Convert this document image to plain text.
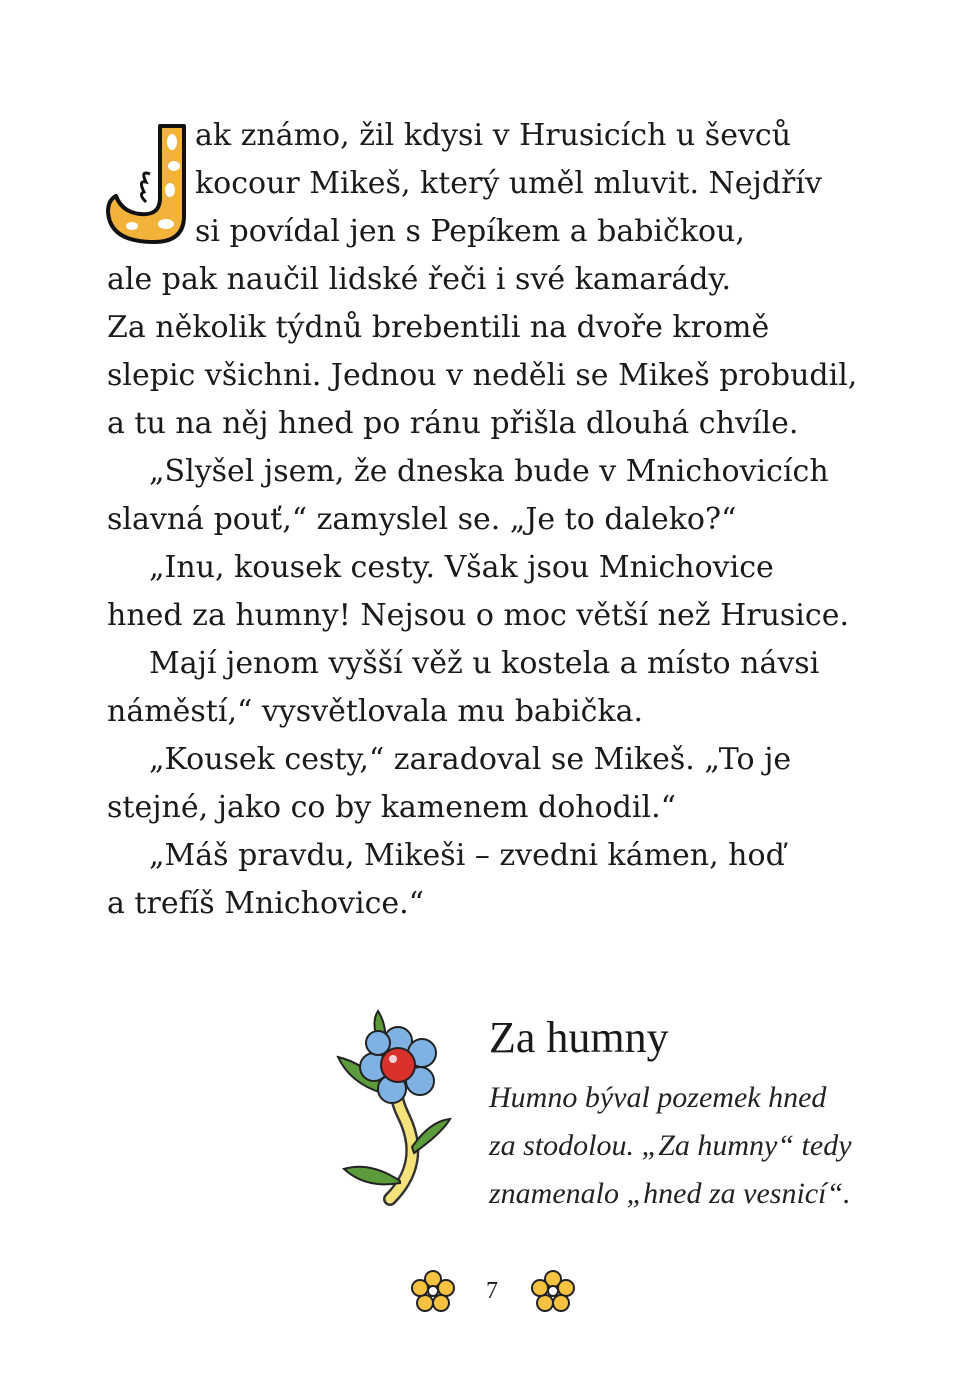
ak známo, žil kdysi v Hrusicích u ševců
kocour Mikeš, který uměl mluvit. Nejdřív
si povídal jen s Pepíkem a babičkou,
ale pak naučil lidské řeči i své kamarády.
Za několik týdnů brebentili na dvoře kromě
slepic všichni. Jednou v neděli se Mikeš probudil,
a tu na něj hned po ránu přišla dlouhá chvíle.
„Slyšel jsem, že dneska bude v Mnichovicích
slavná pouť,“ zamyslel se. „Je to daleko?“
„Inu, kousek cesty. Však jsou Mnichovice
hned za humny! Nejsou o moc větší než Hrusice.
Mají jenom vyšší věž u kostela a místo návsi
náměstí,“ vysvětlovala mu babička.
„Kousek cesty,“ zaradoval se Mikeš. „To je
stejné, jako co by kamenem dohodil.“
„Máš pravdu, Mikeši – zvedni kámen, hoď
a trefíš Mnichovice.“
Za humny
Humno býval pozemek hned
za stodolou. „Za humny“ tedy
znamenalo „hned za vesnicí“.
7
